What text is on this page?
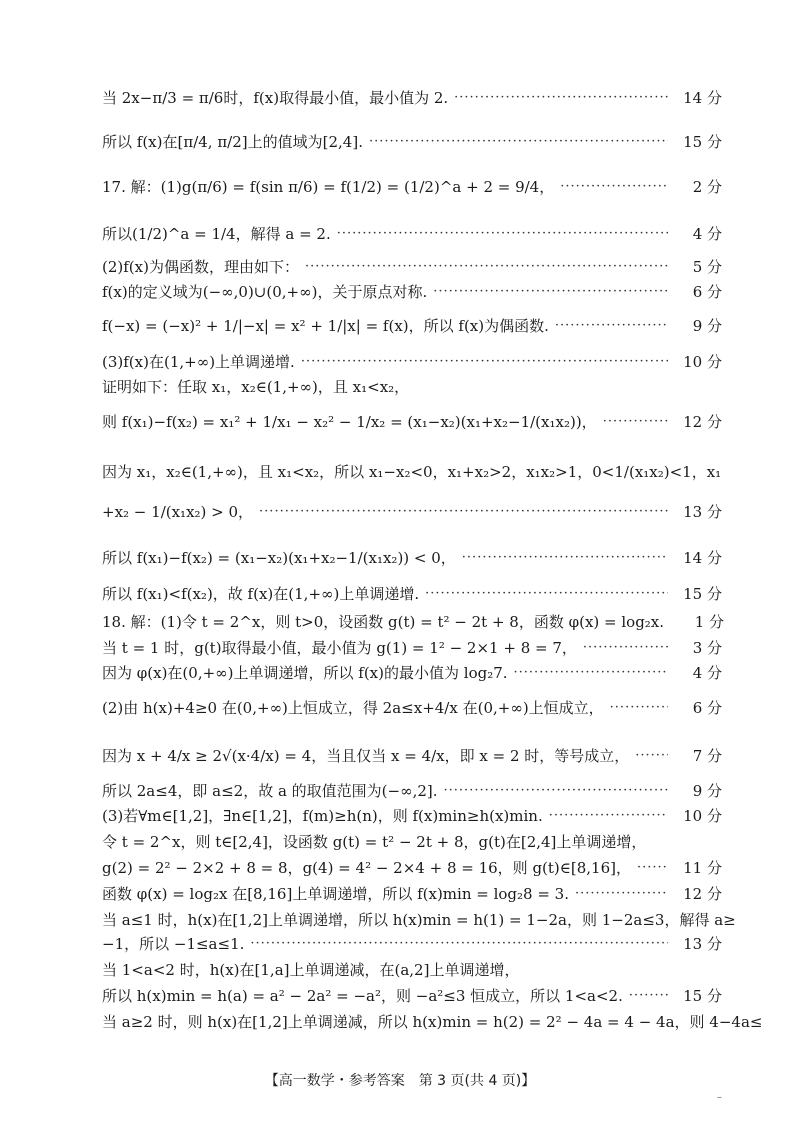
当 2x−π/3 = π/6时，f(x)取得最小值，最小值为 2. ·····	14 分
所以 f(x)在[π/4, π/2]上的值域为[2,4]. ·····	15 分
17. 解：(1)g(π/6) = f(sin π/6) = f(1/2) = (1/2)^a + 2 = 9/4， ·····	2 分
所以(1/2)^a = 1/4，解得 a = 2. ·····	4 分
(2)f(x)为偶函数，理由如下： ·····	5 分
f(x)的定义域为(−∞,0)∪(0,+∞)，关于原点对称. ·····	6 分
f(−x) = (−x)² + 1/|−x| = x² + 1/|x| = f(x)，所以 f(x)为偶函数. ·····	9 分
(3)f(x)在(1,+∞)上单调递增. ·····	10 分
证明如下：任取 x₁，x₂∈(1,+∞)，且 x₁<x₂，
则 f(x₁)−f(x₂) = x₁² + 1/x₁ − x₂² − 1/x₂ = (x₁−x₂)(x₁+x₂−1/(x₁x₂))， ·····	12 分
因为 x₁，x₂∈(1,+∞)，且 x₁<x₂，所以 x₁−x₂<0，x₁+x₂>2，x₁x₂>1，0<1/(x₁x₂)<1，x₁
+x₂ − 1/(x₁x₂) > 0， ·····	13 分
所以 f(x₁)−f(x₂) = (x₁−x₂)(x₁+x₂−1/(x₁x₂)) < 0， ·····	14 分
所以 f(x₁)<f(x₂)，故 f(x)在(1,+∞)上单调递增. ·····	15 分
18. 解：(1)令 t = 2^x，则 t>0，设函数 g(t) = t² − 2t + 8，函数 φ(x) = log₂x.	1 分
当 t = 1 时，g(t)取得最小值，最小值为 g(1) = 1² − 2×1 + 8 = 7， ·····	3 分
因为 φ(x)在(0,+∞)上单调递增，所以 f(x)的最小值为 log₂7. ·····	4 分
(2)由 h(x)+4≥0 在(0,+∞)上恒成立，得 2a≤x+4/x 在(0,+∞)上恒成立， ·····	6 分
因为 x + 4/x ≥ 2√(x·4/x) = 4，当且仅当 x = 4/x，即 x = 2 时，等号成立， ·····	7 分
所以 2a≤4，即 a≤2，故 a 的取值范围为(−∞,2]. ·····	9 分
(3)若∀m∈[1,2]，∃n∈[1,2]，f(m)≥h(n)，则 f(x)min≥h(x)min. ·····	10 分
令 t = 2^x，则 t∈[2,4]，设函数 g(t) = t² − 2t + 8，g(t)在[2,4]上单调递增，
g(2) = 2² − 2×2 + 8 = 8，g(4) = 4² − 2×4 + 8 = 16，则 g(t)∈[8,16]， ·····	11 分
函数 φ(x) = log₂x 在[8,16]上单调递增，所以 f(x)min = log₂8 = 3. ·····	12 分
当 a≤1 时，h(x)在[1,2]上单调递增，所以 h(x)min = h(1) = 1−2a，则 1−2a≤3，解得 a≥
−1，所以 −1≤a≤1. ·····	13 分
当 1<a<2 时，h(x)在[1,a]上单调递减，在(a,2]上单调递增，
所以 h(x)min = h(a) = a² − 2a² = −a²，则 −a²≤3 恒成立，所以 1<a<2. ·····	15 分
当 a≥2 时，则 h(x)在[1,2]上单调递减，所以 h(x)min = h(2) = 2² − 4a = 4 − 4a，则 4−4a≤
【高一数学・参考答案　第 3 页(共 4 页)】
–
